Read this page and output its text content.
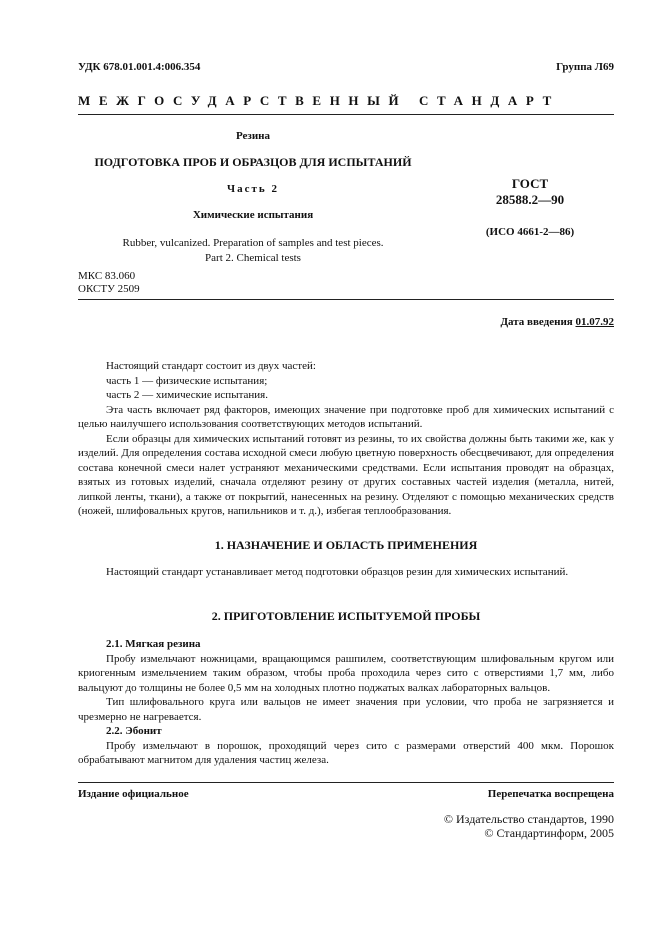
УДК 678.01.001.4:006.354	Группа Л69
МЕЖГОСУДАРСТВЕННЫЙ СТАНДАРТ
Резина
ПОДГОТОВКА ПРОБ И ОБРАЗЦОВ ДЛЯ ИСПЫТАНИЙ
Часть 2
Химические испытания
Rubber, vulcanized. Preparation of samples and test pieces.
Part 2. Chemical tests
ГОСТ
28588.2—90
(ИСО 4661-2—86)
МКС 83.060
ОКСТУ 2509
Дата введения 01.07.92

Настоящий стандарт состоит из двух частей:

часть 1 — физические испытания;

часть 2 — химические испытания.

Эта часть включает ряд факторов, имеющих значение при подготовке проб для химических испытаний с целью наилучшего использования соответствующих методов испытаний.

Если образцы для химических испытаний готовят из резины, то их свойства должны быть такими же, как у изделий. Для определения состава исходной смеси любую цветную поверхность обесцвечивают, для определения состава конечной смеси налет устраняют механическими средствами. Если испытания проводят на образцах, взятых из готовых изделий, сначала отделяют резину от других составных частей изделия (металла, нитей, липкой ленты, ткани), а также от покрытий, нанесенных на резину. Отделяют с помощью механических средств (ножей, шлифовальных кругов, напильников и т. д.), избегая теплообразования.

1. НАЗНАЧЕНИЕ И ОБЛАСТЬ ПРИМЕНЕНИЯ

Настоящий стандарт устанавливает метод подготовки образцов резин для химических испытаний.

2. ПРИГОТОВЛЕНИЕ ИСПЫТУЕМОЙ ПРОБЫ

2.1. Мягкая резина

Пробу измельчают ножницами, вращающимся рашпилем, соответствующим шлифовальным кругом или криогенным измельчением таким образом, чтобы проба проходила через сито с отверстиями 1,7 мм, либо вальцуют до толщины не более 0,5 мм на холодных плотно поджатых валках лабораторных вальцов.

Тип шлифовального круга или вальцов не имеет значения при условии, что проба не загрязняется и чрезмерно не нагревается.

2.2. Эбонит

Пробу измельчают в порошок, проходящий через сито с размерами отверстий 400 мкм. Порошок обрабатывают магнитом для удаления частиц железа.

Издание официальное	Перепечатка воспрещена
© Издательство стандартов, 1990
© Стандартинформ, 2005
